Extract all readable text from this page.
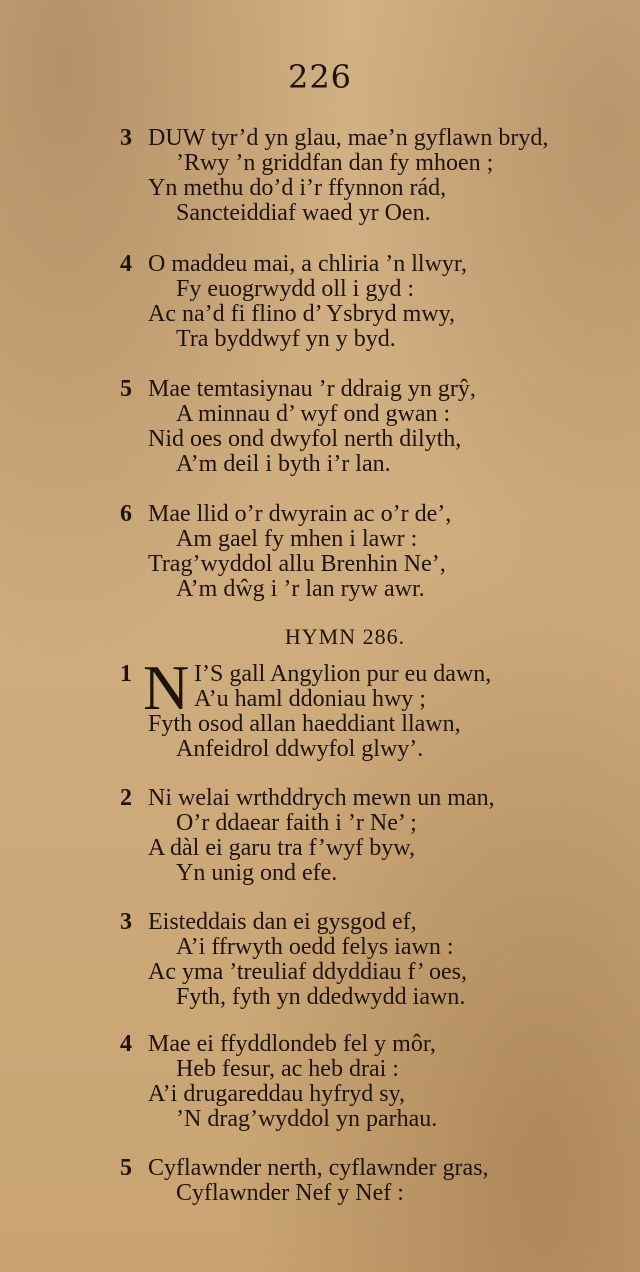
226
3 DUW tyr’d yn glau, mae’n gyflawn bryd,
’Rwy ’n griddfan dan fy mhoen ;
Yn methu do’d i’r ffynnon rád,
Sancteiddiaf waed yr Oen.
4 O maddeu mai, a chliria ’n llwyr,
Fy euogrwydd oll i gyd :
Ac na’d fi flino d’ Ysbryd mwy,
Tra byddwyf yn y byd.
5 Mae temtasiynau ’r ddraig yn grŷ,
A minnau d’ wyf ond gwan :
Nid oes ond dwyfol nerth dilyth,
A’m deil i byth i’r lan.
6 Mae llid o’r dwyrain ac o’r de’,
Am gael fy mhen i lawr :
Trag’wyddol allu Brenhin Ne’,
A’m dŵg i ’r lan ryw awr.
HYMN 286.
1 N I’S gall Angylion pur eu dawn,
A’u haml ddoniau hwy ;
Fyth osod allan haeddiant llawn,
Anfeidrol ddwyfol glwy’.
2 Ni welai wrthddrych mewn un man,
O’r ddaear faith i ’r Ne’ ;
A dàl ei garu tra f’wyf byw,
Yn unig ond efe.
3 Eisteddais dan ei gysgod ef,
A’i ffrwyth oedd felys iawn :
Ac yma ’treuliaf ddyddiau f’ oes,
Fyth, fyth yn ddedwydd iawn.
4 Mae ei ffyddlondeb fel y môr,
Heb fesur, ac heb drai :
A’i drugareddau hyfryd sy,
’N drag’wyddol yn parhau.
5 Cyflawnder nerth, cyflawnder gras,
Cyflawnder Nef y Nef :
